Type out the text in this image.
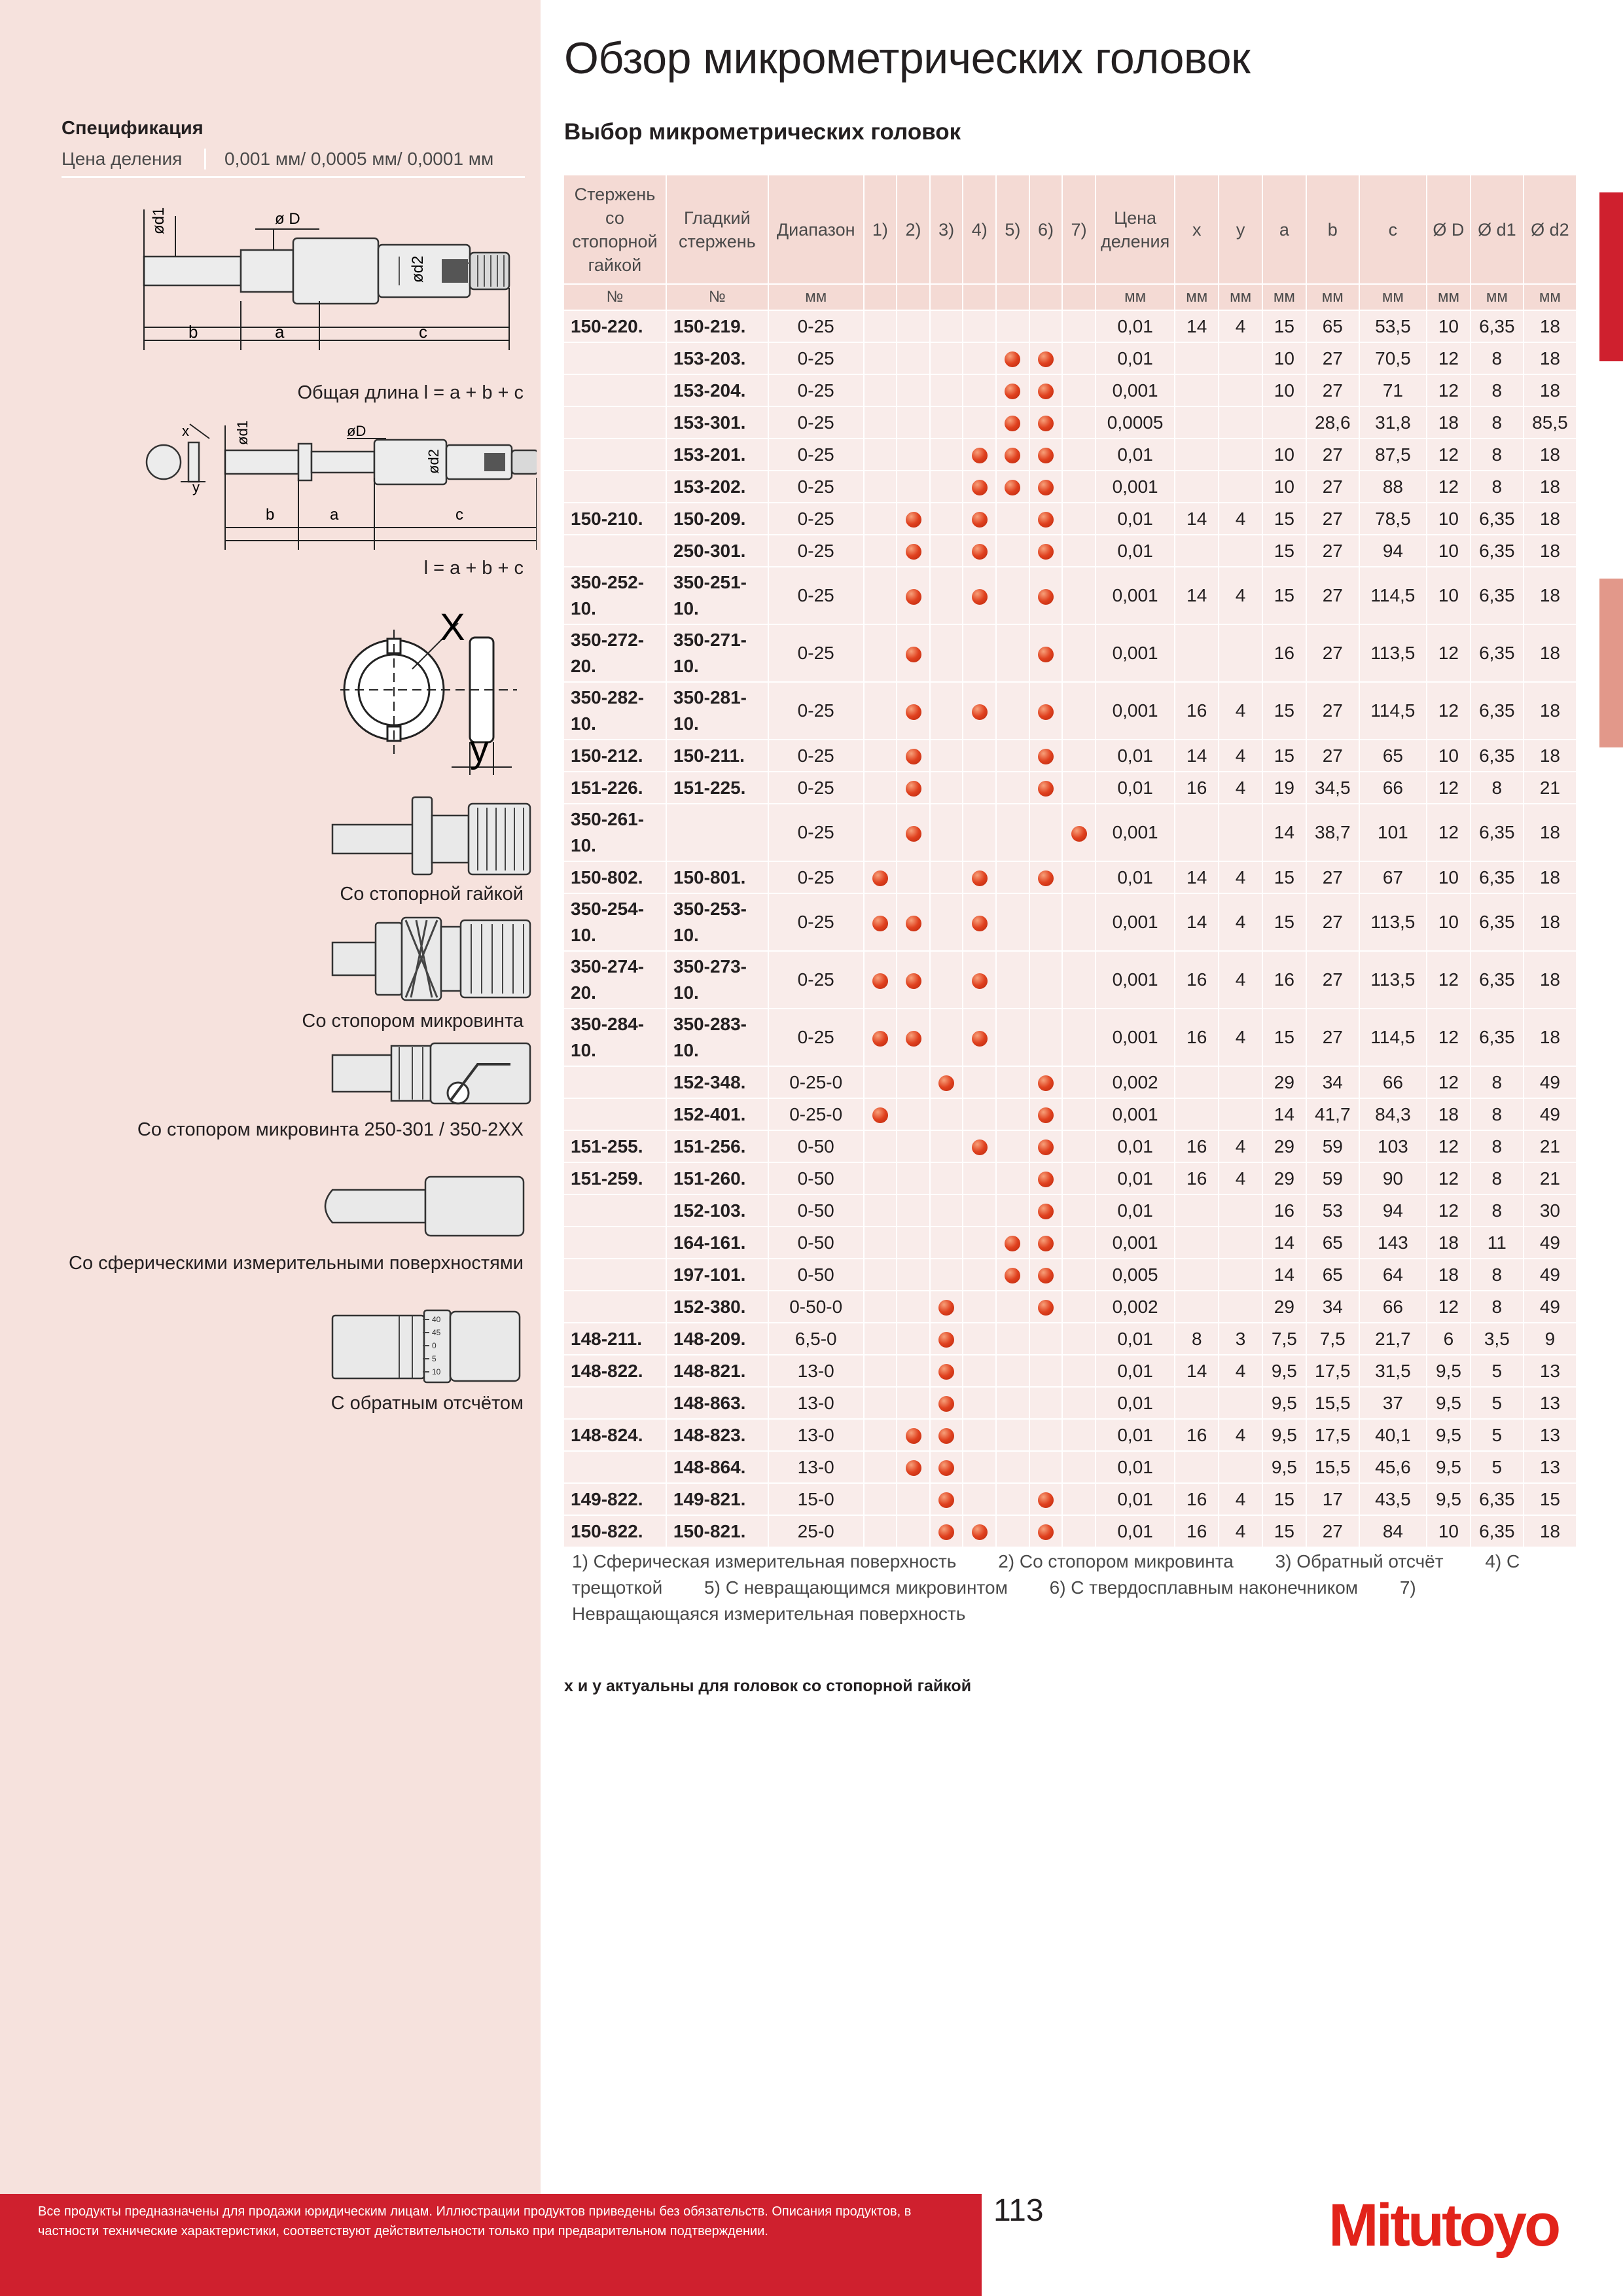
Обзор микрометрических головок
Выбор микрометрических головок
Спецификация
Цена деления	0,001 мм/ 0,0005 мм/ 0,0001 мм
ød1	ø D
ød2
b	a	c
Общая длина l = a + b + c
ød1	øD
ød2
x
y
b	a	c
l = a + b + c
X
y
Со стопорной гайкой
Со стопором микровинта
Со стопором микровинта 250-301 / 350-2XX
Со сферическими измерительными поверхностями
40
45
0
5
10
С обратным отсчётом
Стержень со стопорной гайкой	Гладкий стержень	Диапазон	1)	2)	3)	4)	5)	6)	7)	Цена деления	x	y	a	b	c	Ø D	Ø d1	Ø d2
№	№	мм								мм	мм	мм	мм	мм	мм	мм	мм	мм
150-220.	150-219.	0-25								0,01	14	4	15	65	53,5	10	6,35	18
	153-203.	0-25								0,01			10	27	70,5	12	8	18
	153-204.	0-25								0,001			10	27	71	12	8	18
	153-301.	0-25								0,0005				28,6	31,8	18	8	85,5
	153-201.	0-25								0,01			10	27	87,5	12	8	18
	153-202.	0-25								0,001			10	27	88	12	8	18
150-210.	150-209.	0-25								0,01	14	4	15	27	78,5	10	6,35	18
	250-301.	0-25								0,01			15	27	94	10	6,35	18
350-252-10.	350-251-10.	0-25								0,001	14	4	15	27	114,5	10	6,35	18
350-272-20.	350-271-10.	0-25								0,001			16	27	113,5	12	6,35	18
350-282-10.	350-281-10.	0-25								0,001	16	4	15	27	114,5	12	6,35	18
150-212.	150-211.	0-25								0,01	14	4	15	27	65	10	6,35	18
151-226.	151-225.	0-25								0,01	16	4	19	34,5	66	12	8	21
350-261-10.		0-25								0,001			14	38,7	101	12	6,35	18
150-802.	150-801.	0-25								0,01	14	4	15	27	67	10	6,35	18
350-254-10.	350-253-10.	0-25								0,001	14	4	15	27	113,5	10	6,35	18
350-274-20.	350-273-10.	0-25								0,001	16	4	16	27	113,5	12	6,35	18
350-284-10.	350-283-10.	0-25								0,001	16	4	15	27	114,5	12	6,35	18
	152-348.	0-25-0								0,002			29	34	66	12	8	49
	152-401.	0-25-0								0,001			14	41,7	84,3	18	8	49
151-255.	151-256.	0-50								0,01	16	4	29	59	103	12	8	21
151-259.	151-260.	0-50								0,01	16	4	29	59	90	12	8	21
	152-103.	0-50								0,01			16	53	94	12	8	30
	164-161.	0-50								0,001			14	65	143	18	11	49
	197-101.	0-50								0,005			14	65	64	18	8	49
	152-380.	0-50-0								0,002			29	34	66	12	8	49
148-211.	148-209.	6,5-0								0,01	8	3	7,5	7,5	21,7	6	3,5	9
148-822.	148-821.	13-0								0,01	14	4	9,5	17,5	31,5	9,5	5	13
	148-863.	13-0								0,01			9,5	15,5	37	9,5	5	13
148-824.	148-823.	13-0								0,01	16	4	9,5	17,5	40,1	9,5	5	13
	148-864.	13-0								0,01			9,5	15,5	45,6	9,5	5	13
149-822.	149-821.	15-0								0,01	16	4	15	17	43,5	9,5	6,35	15
150-822.	150-821.	25-0								0,01	16	4	15	27	84	10	6,35	18
1) Сферическая измерительная поверхность 2) Со стопором микровинта 3) Обратный отсчёт 4) С трещоткой 5) С невращающимся микровинтом 6) С твердосплавным наконечником 7) Невращающаяся измерительная поверхность
x и y актуальны для головок со стопорной гайкой
Все продукты предназначены для продажи юридическим лицам. Иллюстрации продуктов приведены без обязательств. Описания продуктов, в частности технические характеристики, соответствуют действительности только при предварительном подтверждении.
113	Mitutoyo
